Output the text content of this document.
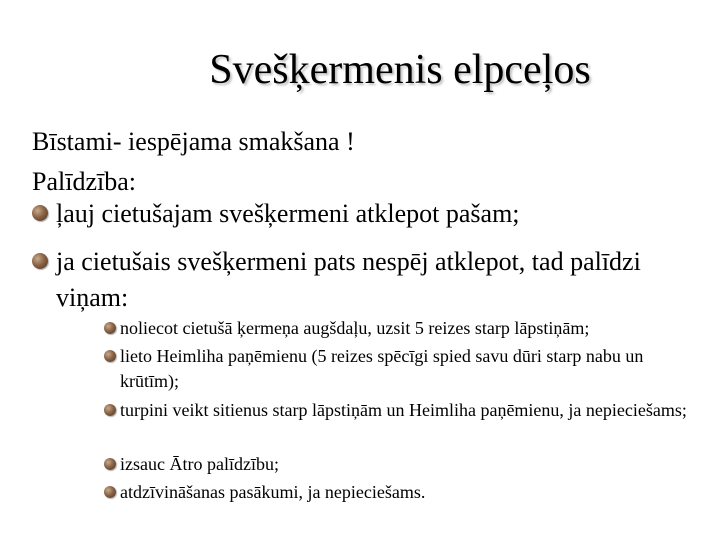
Svešķermenis elpceļos
Bīstami- iespējama smakšana !
Palīdzība:
ļauj cietušajam svešķermeni atklepot pašam;
ja cietušais svešķermeni pats nespēj atklepot, tad palīdzi viņam:
noliecot cietušā ķermeņa augšdaļu, uzsit 5 reizes starp lāpstiņām;
lieto Heimliha paņēmienu (5 reizes spēcīgi spied savu dūri starp nabu un krūtīm);
turpini veikt sitienus starp lāpstiņām un Heimliha paņēmienu, ja nepieciešams;
izsauc Ātro palīdzību;
atdzīvināšanas pasākumi, ja nepieciešams.
